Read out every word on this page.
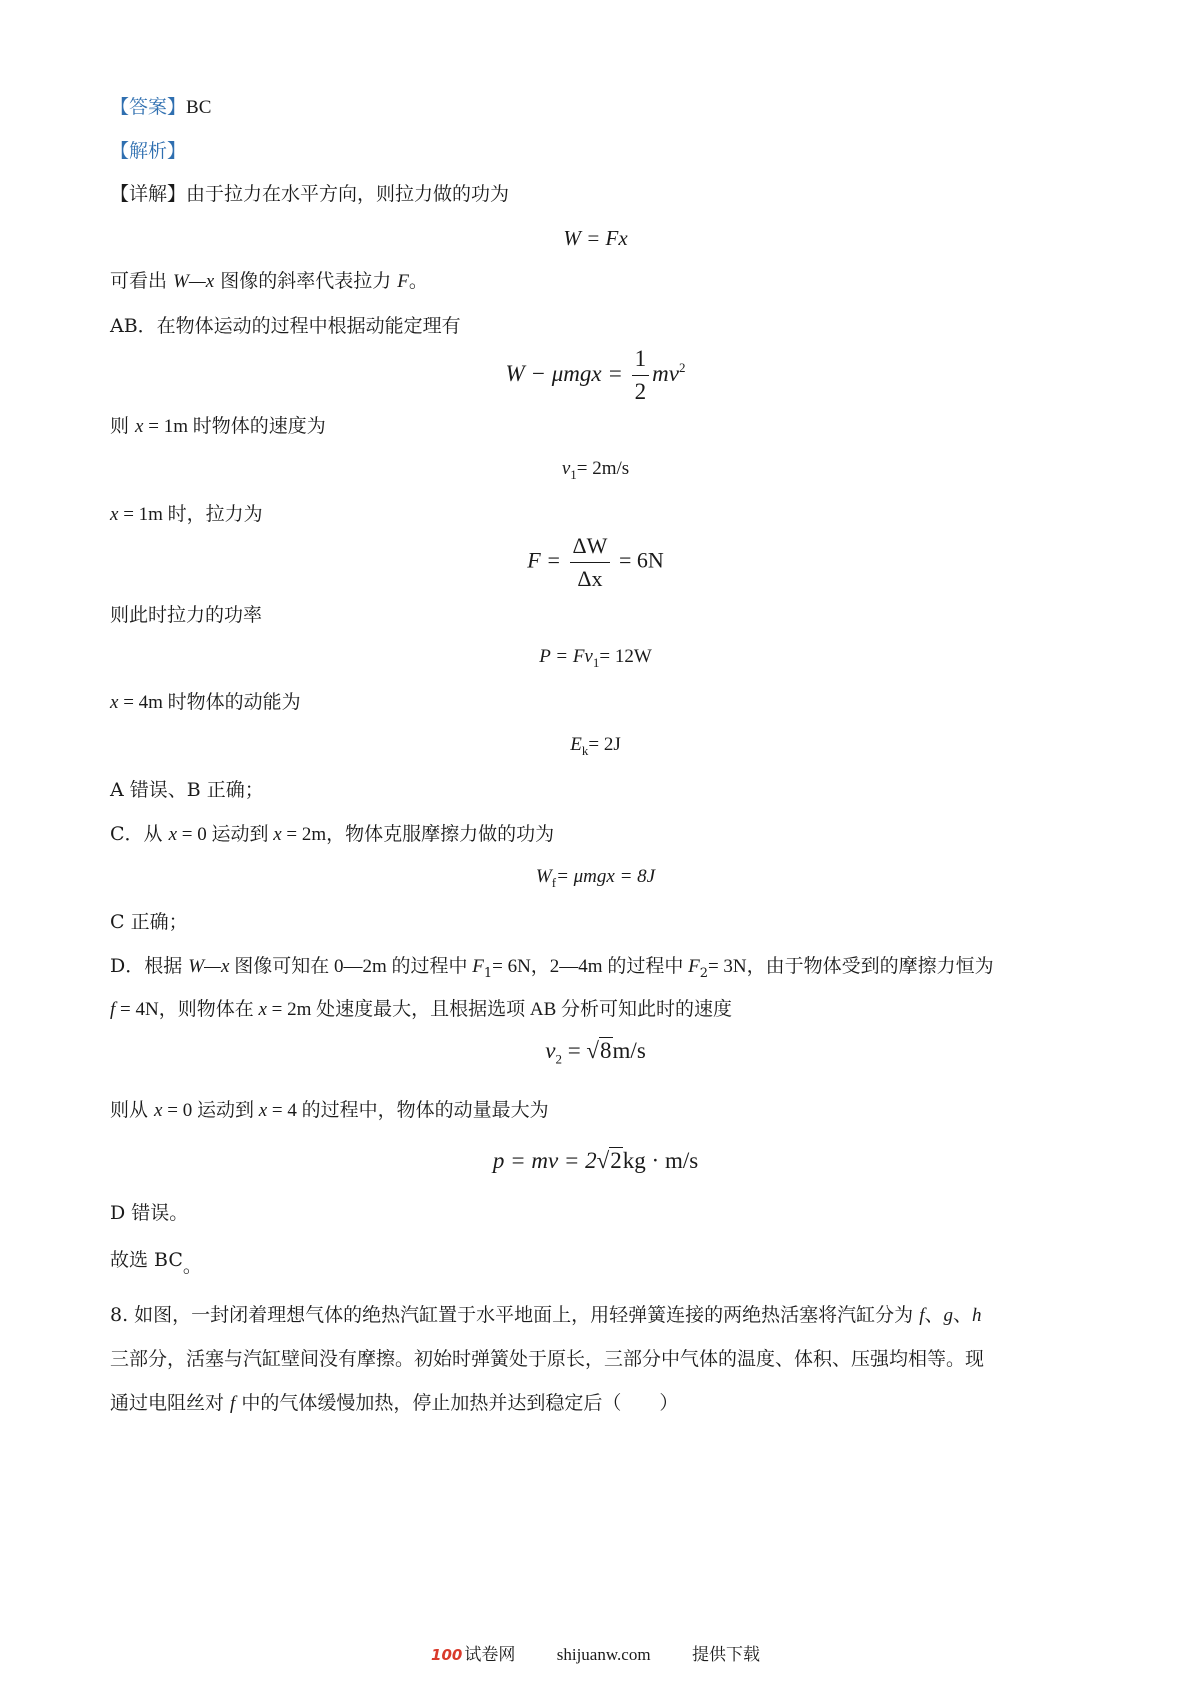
【答案】BC
【解析】
【详解】由于拉力在水平方向，则拉力做的功为
W = Fx
可看出 W—x 图像的斜率代表拉力 F。
AB．在物体运动的过程中根据动能定理有
$W - \mu mgx = \frac{1}{2} mv^2$
则 x = 1m 时物体的速度为
$v_1= 2m/s$
x = 1m 时，拉力为
$F = \frac{\Delta W}{\Delta x} = 6N$
则此时拉力的功率
$P = Fv_1= 12W$
x = 4m 时物体的动能为
$E_k= 2J$
A 错误、B 正确；
C．从 x = 0 运动到 x = 2m，物体克服摩擦力做的功为
$W_f= \mu mgx = 8J$
C 正确；
D．根据 W—x 图像可知在 0—2m 的过程中 $F_1= 6N$，2—4m 的过程中 $F_2= 3N$，由于物体受到的摩擦力恒为
f = 4N，则物体在 x = 2m 处速度最大，且根据选项 AB 分析可知此时的速度
$v_2 = √8m/s$
则从 x = 0 运动到 x = 4 的过程中，物体的动量最大为
p = mv = 2√2kg · m/s
D 错误。
故选 BC。
8. 如图，一封闭着理想气体的绝热汽缸置于水平地面上，用轻弹簧连接的两绝热活塞将汽缸分为 f、g、h
三部分，活塞与汽缸壁间没有摩擦。初始时弹簧处于原长，三部分中气体的温度、体积、压强均相等。现
通过电阻丝对 f 中的气体缓慢加热，停止加热并达到稳定后（　　）
100 试卷网 shijuanw.com 提供下载
